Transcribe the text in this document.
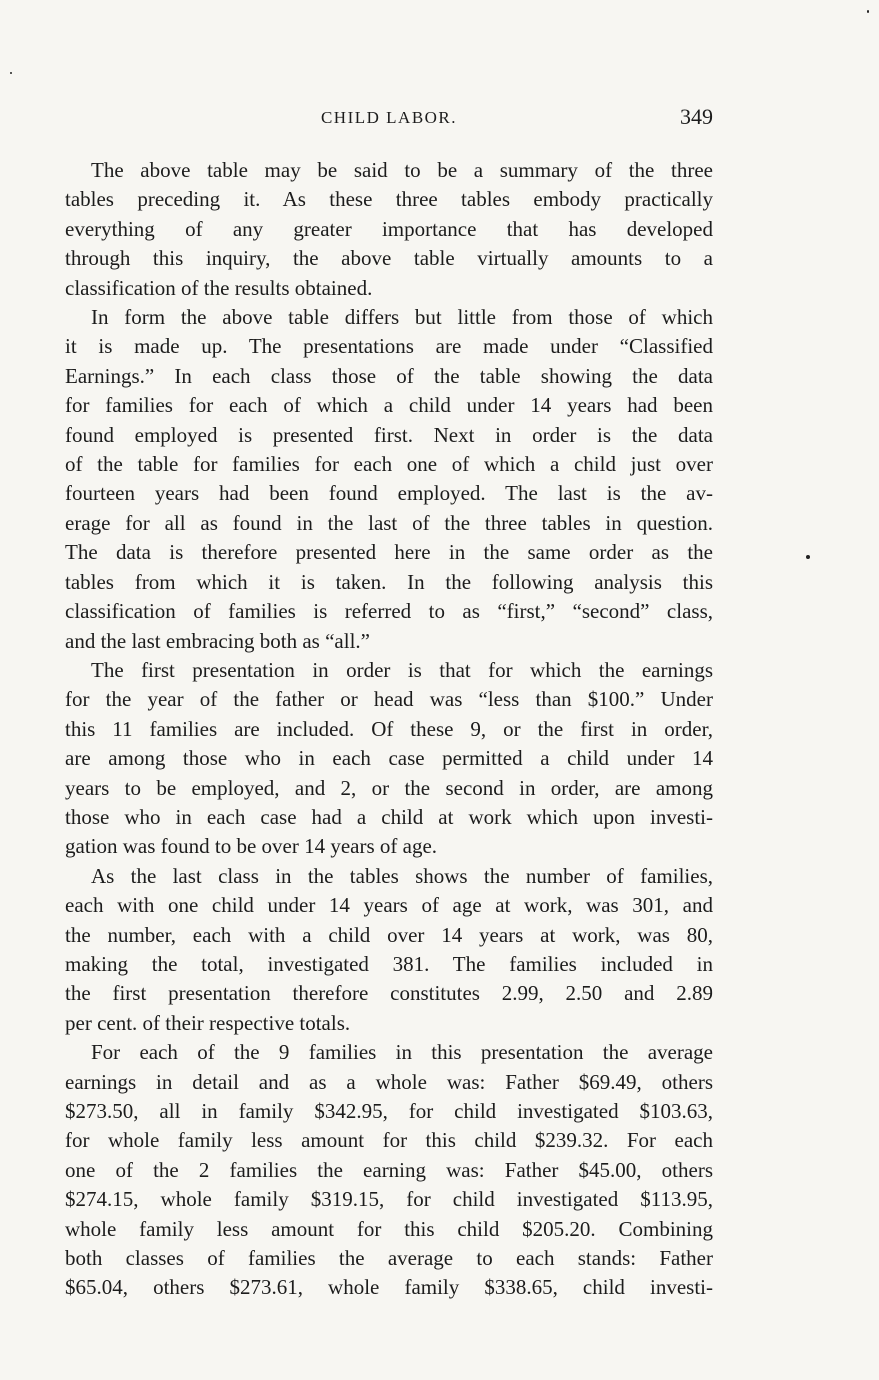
CHILD LABOR.	349
The above table may be said to be a summary of the three
tables preceding it. As these three tables embody practically
everything of any greater importance that has developed
through this inquiry, the above table virtually amounts to a
classification of the results obtained.
In form the above table differs but little from those of which
it is made up. The presentations are made under “Classified
Earnings.” In each class those of the table showing the data
for families for each of which a child under 14 years had been
found employed is presented first. Next in order is the data
of the table for families for each one of which a child just over
fourteen years had been found employed. The last is the av-
erage for all as found in the last of the three tables in question.
The data is therefore presented here in the same order as the
tables from which it is taken. In the following analysis this
classification of families is referred to as “first,” “second” class,
and the last embracing both as “all.”
The first presentation in order is that for which the earnings
for the year of the father or head was “less than $100.” Under
this 11 families are included. Of these 9, or the first in order,
are among those who in each case permitted a child under 14
years to be employed, and 2, or the second in order, are among
those who in each case had a child at work which upon investi-
gation was found to be over 14 years of age.
As the last class in the tables shows the number of families,
each with one child under 14 years of age at work, was 301, and
the number, each with a child over 14 years at work, was 80,
making the total, investigated 381. The families included in
the first presentation therefore constitutes 2.99, 2.50 and 2.89
per cent. of their respective totals.
For each of the 9 families in this presentation the average
earnings in detail and as a whole was: Father $69.49, others
$273.50, all in family $342.95, for child investigated $103.63,
for whole family less amount for this child $239.32. For each
one of the 2 families the earning was: Father $45.00, others
$274.15, whole family $319.15, for child investigated $113.95,
whole family less amount for this child $205.20. Combining
both classes of families the average to each stands: Father
$65.04, others $273.61, whole family $338.65, child investi-
